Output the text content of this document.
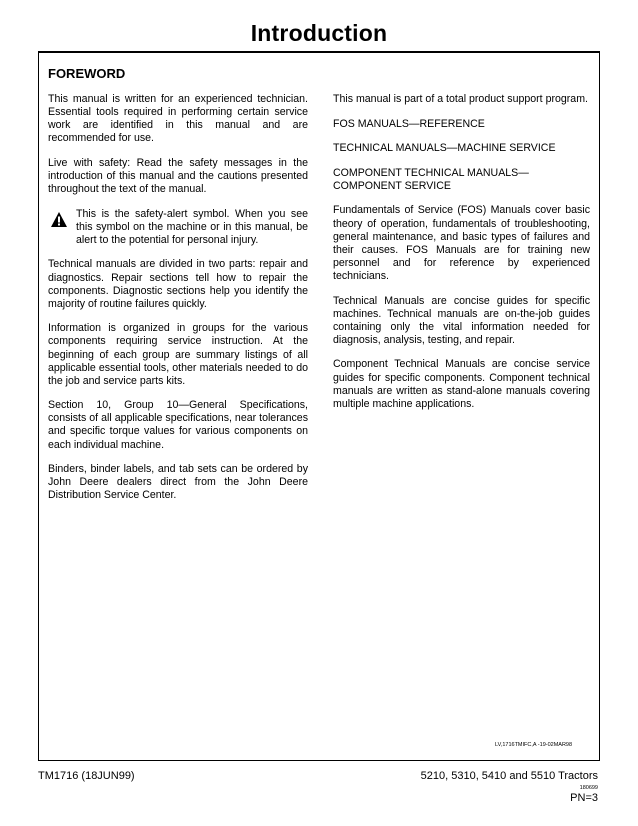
Introduction
FOREWORD

This manual is written for an experienced technician. Essential tools required in performing certain service work are identified in this manual and are recommended for use.

Live with safety: Read the safety messages in the introduction of this manual and the cautions presented throughout the text of the manual.

This is the safety-alert symbol. When you see this symbol on the machine or in this manual, be alert to the potential for personal injury.

Technical manuals are divided in two parts: repair and diagnostics. Repair sections tell how to repair the components. Diagnostic sections help you identify the majority of routine failures quickly.

Information is organized in groups for the various components requiring service instruction. At the beginning of each group are summary listings of all applicable essential tools, other materials needed to do the job and service parts kits.

Section 10, Group 10—General Specifications, consists of all applicable specifications, near tolerances and specific torque values for various components on each individual machine.

Binders, binder labels, and tab sets can be ordered by John Deere dealers direct from the John Deere Distribution Service Center.

This manual is part of a total product support program.

FOS MANUALS—REFERENCE

TECHNICAL MANUALS—MACHINE SERVICE

COMPONENT TECHNICAL MANUALS—COMPONENT SERVICE

Fundamentals of Service (FOS) Manuals cover basic theory of operation, fundamentals of troubleshooting, general maintenance, and basic types of failures and their causes. FOS Manuals are for training new personnel and for reference by experienced technicians.

Technical Manuals are concise guides for specific machines. Technical manuals are on-the-job guides containing only the vital information needed for diagnosis, analysis, testing, and repair.

Component Technical Manuals are concise service guides for specific components. Component technical manuals are written as stand-alone manuals covering multiple machine applications.

LV,1716TMIFC,A -19-02MAR98
TM1716 (18JUN99)	5210, 5310, 5410 and 5510 Tractors
180699
PN=3
